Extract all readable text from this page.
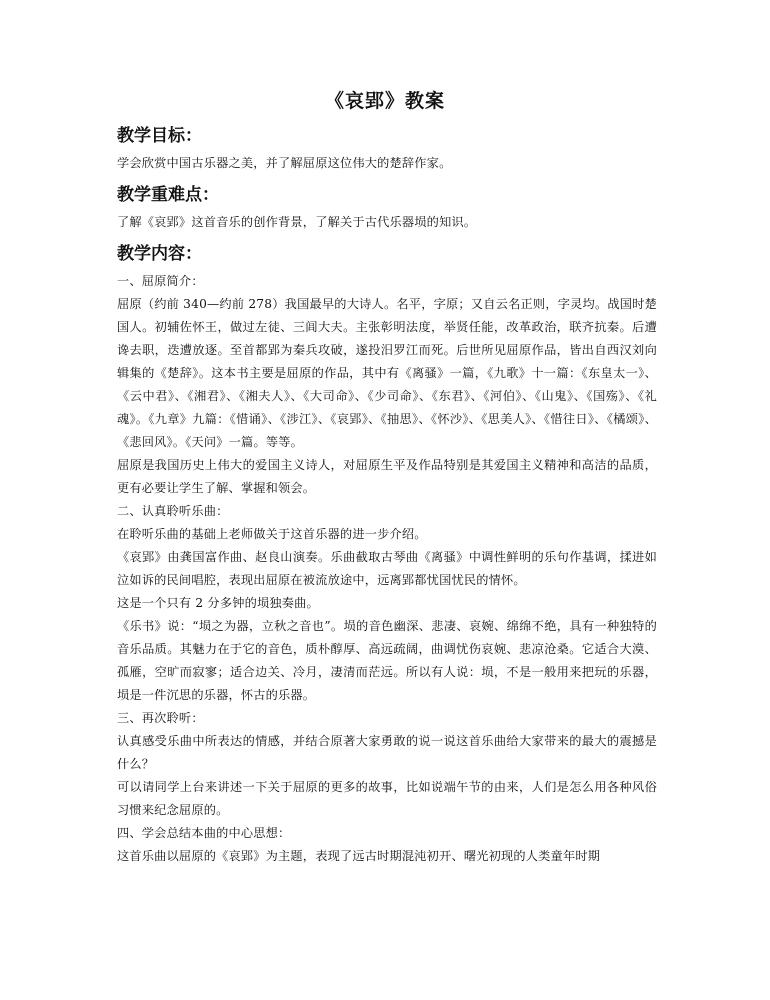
《哀郢》教案
教学目标：

学会欣赏中国古乐器之美，并了解屈原这位伟大的楚辞作家。

教学重难点：

了解《哀郢》这首音乐的创作背景，了解关于古代乐器埙的知识。

教学内容：

一、屈原简介：

屈原（约前 340—约前 278）我国最早的大诗人。名平，字原；又自云名正则，字灵均。战国时楚国人。初辅佐怀王，做过左徒、三闾大夫。主张彰明法度，举贤任能，改革政治，联齐抗秦。后遭谗去职，迭遭放逐。至首都郢为秦兵攻破，遂投汨罗江而死。后世所见屈原作品，皆出自西汉刘向辑集的《楚辞》。这本书主要是屈原的作品，其中有《离骚》一篇，《九歌》十一篇：《东皇太一》、《云中君》、《湘君》、《湘夫人》、《大司命》、《少司命》、《东君》、《河伯》、《山鬼》、《国殇》、《礼魂》。《九章》九篇：《惜诵》、《涉江》、《哀郢》、《抽思》、《怀沙》、《思美人》、《惜往日》、《橘颂》、《悲回风》。《天问》一篇。等等。

屈原是我国历史上伟大的爱国主义诗人，对屈原生平及作品特别是其爱国主义精神和高洁的品质，更有必要让学生了解、掌握和领会。

二、认真聆听乐曲：

在聆听乐曲的基础上老师做关于这首乐器的进一步介绍。

《哀郢》由龚国富作曲、赵良山演奏。乐曲截取古琴曲《离骚》中调性鲜明的乐句作基调，揉进如泣如诉的民间唱腔，表现出屈原在被流放途中，远离郢都忧国忧民的情怀。

这是一个只有 2 分多钟的埙独奏曲。

《乐书》说：“埙之为器，立秋之音也”。埙的音色幽深、悲凄、哀婉、绵绵不绝，具有一种独特的音乐品质。其魅力在于它的音色，质朴醇厚、高远疏阔，曲调忧伤哀婉、悲凉沧桑。它适合大漠、孤雁，空旷而寂寥；适合边关、冷月，凄清而茫远。所以有人说：埙，不是一般用来把玩的乐器，埙是一件沉思的乐器，怀古的乐器。

三、再次聆听：

认真感受乐曲中所表达的情感，并结合原著大家勇敢的说一说这首乐曲给大家带来的最大的震撼是什么？

可以请同学上台来讲述一下关于屈原的更多的故事，比如说端午节的由来，人们是怎么用各种风俗习惯来纪念屈原的。

四、学会总结本曲的中心思想：

这首乐曲以屈原的《哀郢》为主题，表现了远古时期混沌初开、曙光初现的人类童年时期
